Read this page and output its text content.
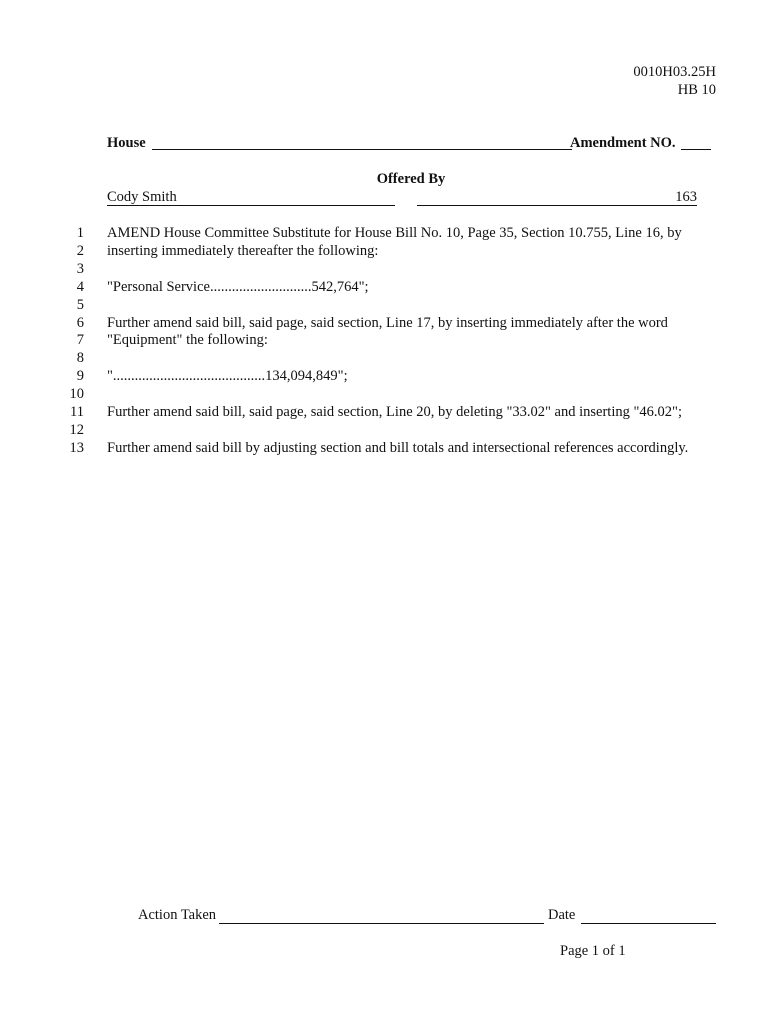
0010H03.25H
HB 10
House	Amendment NO.
Offered By
Cody Smith	163
1 AMEND House Committee Substitute for House Bill No. 10, Page 35, Section 10.755, Line 16, by
2 inserting immediately thereafter the following:
3
4 "Personal Service............................542,764";
5
6 Further amend said bill, said page, said section, Line 17, by inserting immediately after the word
7 "Equipment" the following:
8
9 "..........................................134,094,849";
10
11 Further amend said bill, said page, said section, Line 20, by deleting "33.02" and inserting "46.02";
12
13 Further amend said bill by adjusting section and bill totals and intersectional references accordingly.
Action Taken	Date
Page 1 of 1
